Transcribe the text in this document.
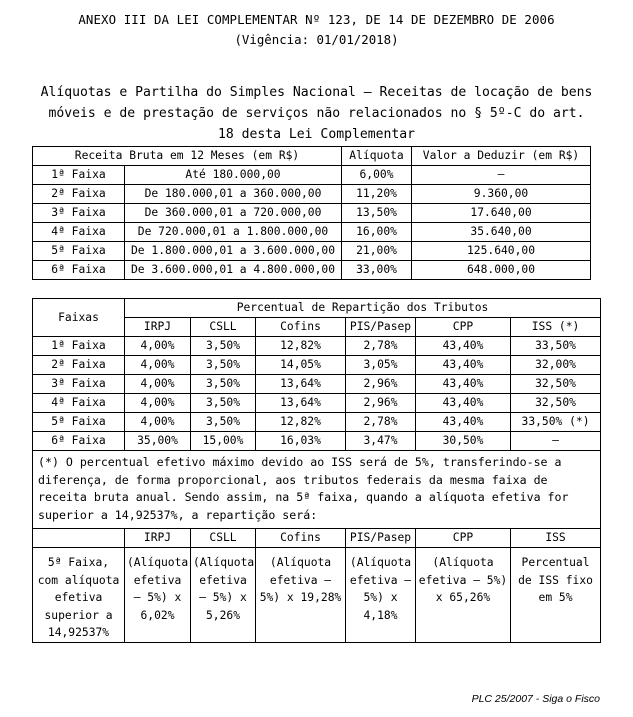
ANEXO III DA LEI COMPLEMENTAR Nº 123, DE 14 DE DEZEMBRO DE 2006
(Vigência: 01/01/2018)
Alíquotas e Partilha do Simples Nacional – Receitas de locação de bens móveis e de prestação de serviços não relacionados no § 5º-C do art. 18 desta Lei Complementar
Receita Bruta em 12 Meses (em R$)		Alíquota	Valor a Deduzir (em R$)
1ª Faixa	Até 180.000,00	6,00%	–
2ª Faixa	De 180.000,01 a 360.000,00	11,20%	9.360,00
3ª Faixa	De 360.000,01 a 720.000,00	13,50%	17.640,00
4ª Faixa	De 720.000,01 a 1.800.000,00	16,00%	35.640,00
5ª Faixa	De 1.800.000,01 a 3.600.000,00	21,00%	125.640,00
6ª Faixa	De 3.600.000,01 a 4.800.000,00	33,00%	648.000,00
Faixas	Percentual de Repartição dos Tributos					
	IRPJ	CSLL	Cofins	PIS/Pasep	CPP	ISS (*)
1ª Faixa	4,00%	3,50%	12,82%	2,78%	43,40%	33,50%
2ª Faixa	4,00%	3,50%	14,05%	3,05%	43,40%	32,00%
3ª Faixa	4,00%	3,50%	13,64%	2,96%	43,40%	32,50%
4ª Faixa	4,00%	3,50%	13,64%	2,96%	43,40%	32,50%
5ª Faixa	4,00%	3,50%	12,82%	2,78%	43,40%	33,50% (*)
6ª Faixa	35,00%	15,00%	16,03%	3,47%	30,50%	–
(*) O percentual efetivo máximo devido ao ISS será de 5%, transferindo-se a diferença, de forma proporcional, aos tributos federais da mesma faixa de receita bruta anual. Sendo assim, na 5ª faixa, quando a alíquota efetiva for superior a 14,92537%, a repartição será:						
	IRPJ	CSLL	Cofins	PIS/Pasep	CPP	ISS
5ª Faixa, com alíquota efetiva superior a 14,92537%	(Alíquota efetiva – 5%) x 6,02%	(Alíquota efetiva – 5%) x 5,26%	(Alíquota efetiva – 5%) x 19,28%	(Alíquota efetiva – 5%) x 4,18%	(Alíquota efetiva – 5%) x 65,26%	Percentual de ISS fixo em 5%
PLC 25/2007 - Siga o Fisco
